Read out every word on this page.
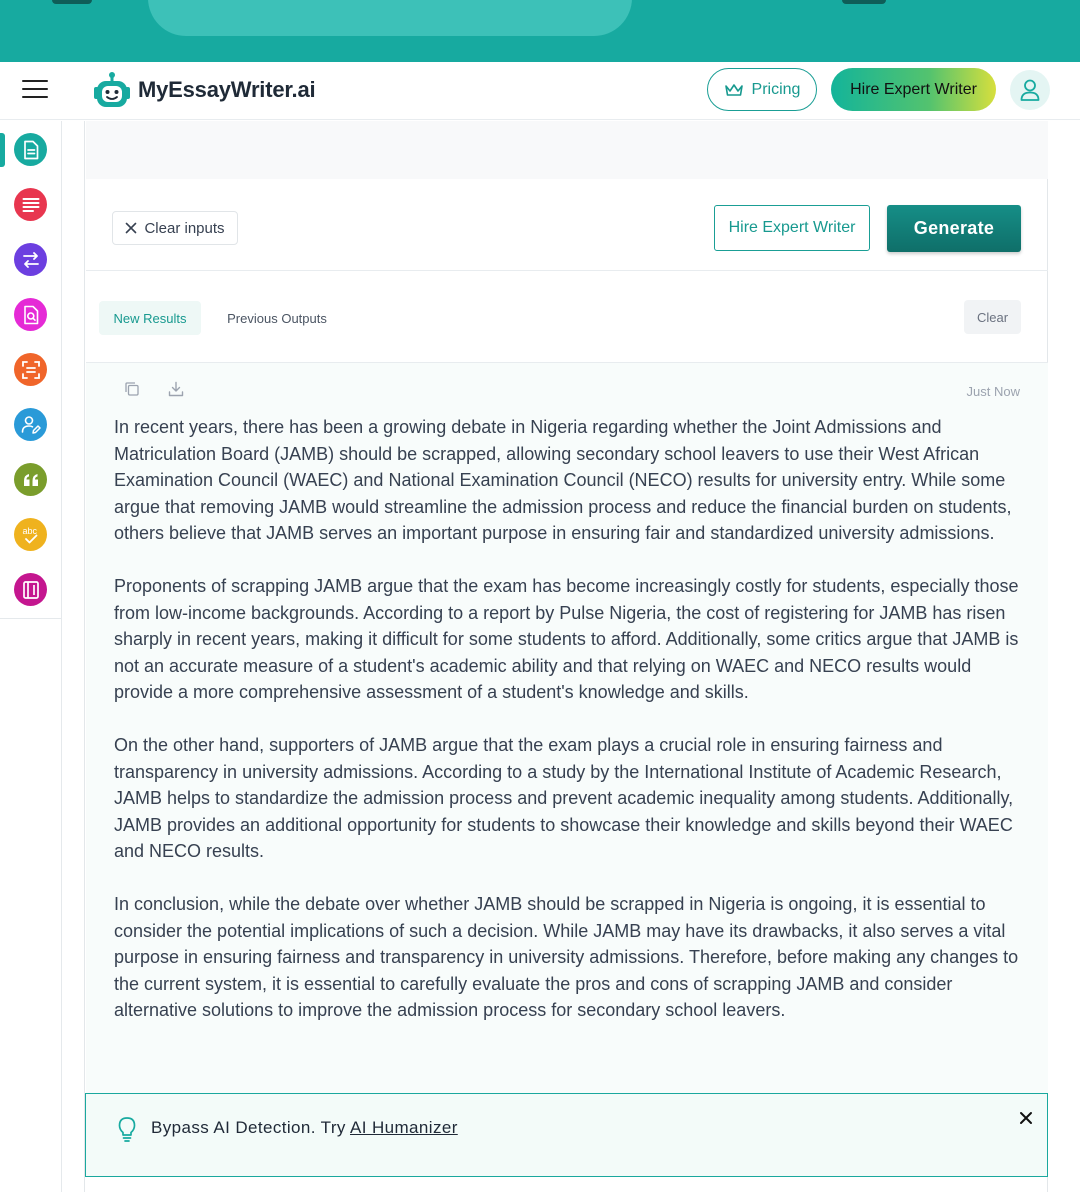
MyEssayWriter.ai	Pricing	Hire Expert Writer
abc
Clear inputs	Hire Expert Writer	Generate
New Results	Previous Outputs	Clear
Just Now

In recent years, there has been a growing debate in Nigeria regarding whether the Joint Admissions and Matriculation Board (JAMB) should be scrapped, allowing secondary school leavers to use their West African Examination Council (WAEC) and National Examination Council (NECO) results for university entry. While some argue that removing JAMB would streamline the admission process and reduce the financial burden on students, others believe that JAMB serves an important purpose in ensuring fair and standardized university admissions.

Proponents of scrapping JAMB argue that the exam has become increasingly costly for students, especially those from low-income backgrounds. According to a report by Pulse Nigeria, the cost of registering for JAMB has risen sharply in recent years, making it difficult for some students to afford. Additionally, some critics argue that JAMB is not an accurate measure of a student's academic ability and that relying on WAEC and NECO results would provide a more comprehensive assessment of a student's knowledge and skills.

On the other hand, supporters of JAMB argue that the exam plays a crucial role in ensuring fairness and transparency in university admissions. According to a study by the International Institute of Academic Research, JAMB helps to standardize the admission process and prevent academic inequality among students. Additionally, JAMB provides an additional opportunity for students to showcase their knowledge and skills beyond their WAEC and NECO results.

In conclusion, while the debate over whether JAMB should be scrapped in Nigeria is ongoing, it is essential to consider the potential implications of such a decision. While JAMB may have its drawbacks, it also serves a vital purpose in ensuring fairness and transparency in university admissions. Therefore, before making any changes to the current system, it is essential to carefully evaluate the pros and cons of scrapping JAMB and consider alternative solutions to improve the admission process for secondary school leavers.

Bypass AI Detection. Try AI Humanizer
